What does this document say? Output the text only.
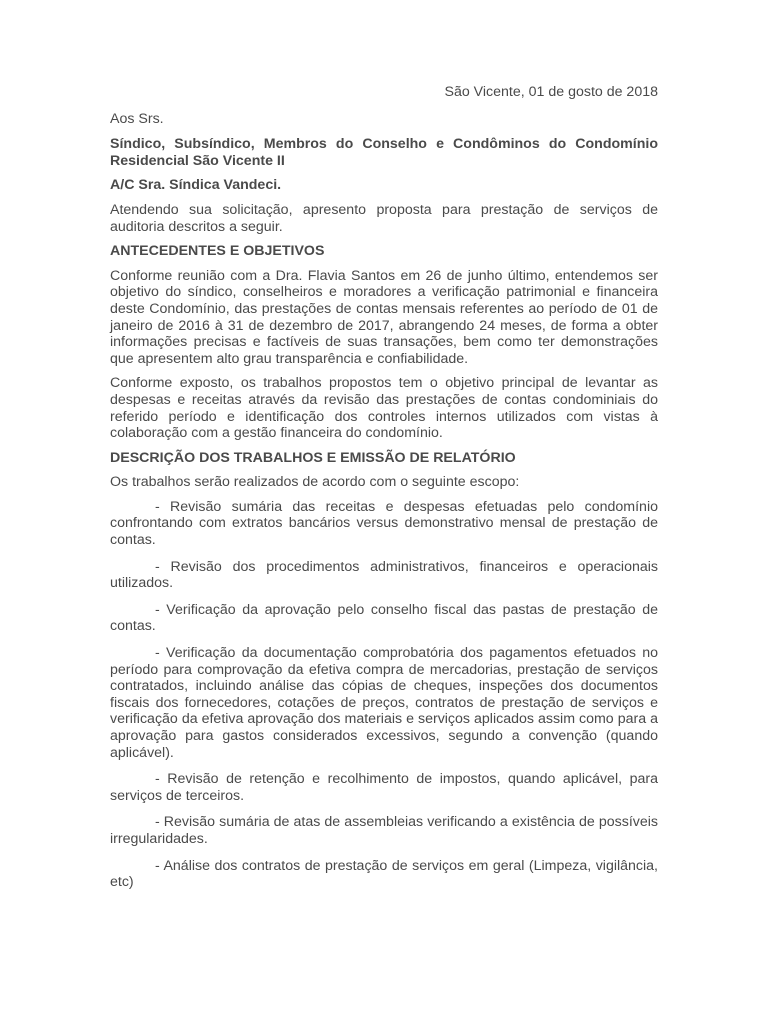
São Vicente, 01 de gosto de 2018

Aos Srs.

Síndico, Subsíndico, Membros do Conselho e Condôminos do Condomínio Residencial São Vicente II

A/C Sra. Síndica Vandeci.

Atendendo sua solicitação, apresento proposta para prestação de serviços de auditoria descritos a seguir.

ANTECEDENTES E OBJETIVOS

Conforme reunião com a Dra. Flavia Santos em 26 de junho último, entendemos ser objetivo do síndico, conselheiros e moradores a verificação patrimonial e financeira deste Condomínio, das prestações de contas mensais referentes ao período de 01 de janeiro de 2016 à 31 de dezembro de 2017, abrangendo 24 meses, de forma a obter informações precisas e factíveis de suas transações, bem como ter demonstrações que apresentem alto grau transparência e confiabilidade.

Conforme exposto, os trabalhos propostos tem o objetivo principal de levantar as despesas e receitas através da revisão das prestações de contas condominiais do referido período e identificação dos controles internos utilizados com vistas à colaboração com a gestão financeira do condomínio.

DESCRIÇÃO DOS TRABALHOS E EMISSÃO DE RELATÓRIO

Os trabalhos serão realizados de acordo com o seguinte escopo:

- Revisão sumária das receitas e despesas efetuadas pelo condomínio confrontando com extratos bancários versus demonstrativo mensal de prestação de contas.

- Revisão dos procedimentos administrativos, financeiros e operacionais utilizados.

- Verificação da aprovação pelo conselho fiscal das pastas de prestação de contas.

- Verificação da documentação comprobatória dos pagamentos efetuados no período para comprovação da efetiva compra de mercadorias, prestação de serviços contratados, incluindo análise das cópias de cheques, inspeções dos documentos fiscais dos fornecedores, cotações de preços, contratos de prestação de serviços e verificação da efetiva aprovação dos materiais e serviços aplicados assim como para a aprovação para gastos considerados excessivos, segundo a convenção (quando aplicável).

- Revisão de retenção e recolhimento de impostos, quando aplicável, para serviços de terceiros.

- Revisão sumária de atas de assembleias verificando a existência de possíveis irregularidades.

- Análise dos contratos de prestação de serviços em geral (Limpeza, vigilância, etc)
